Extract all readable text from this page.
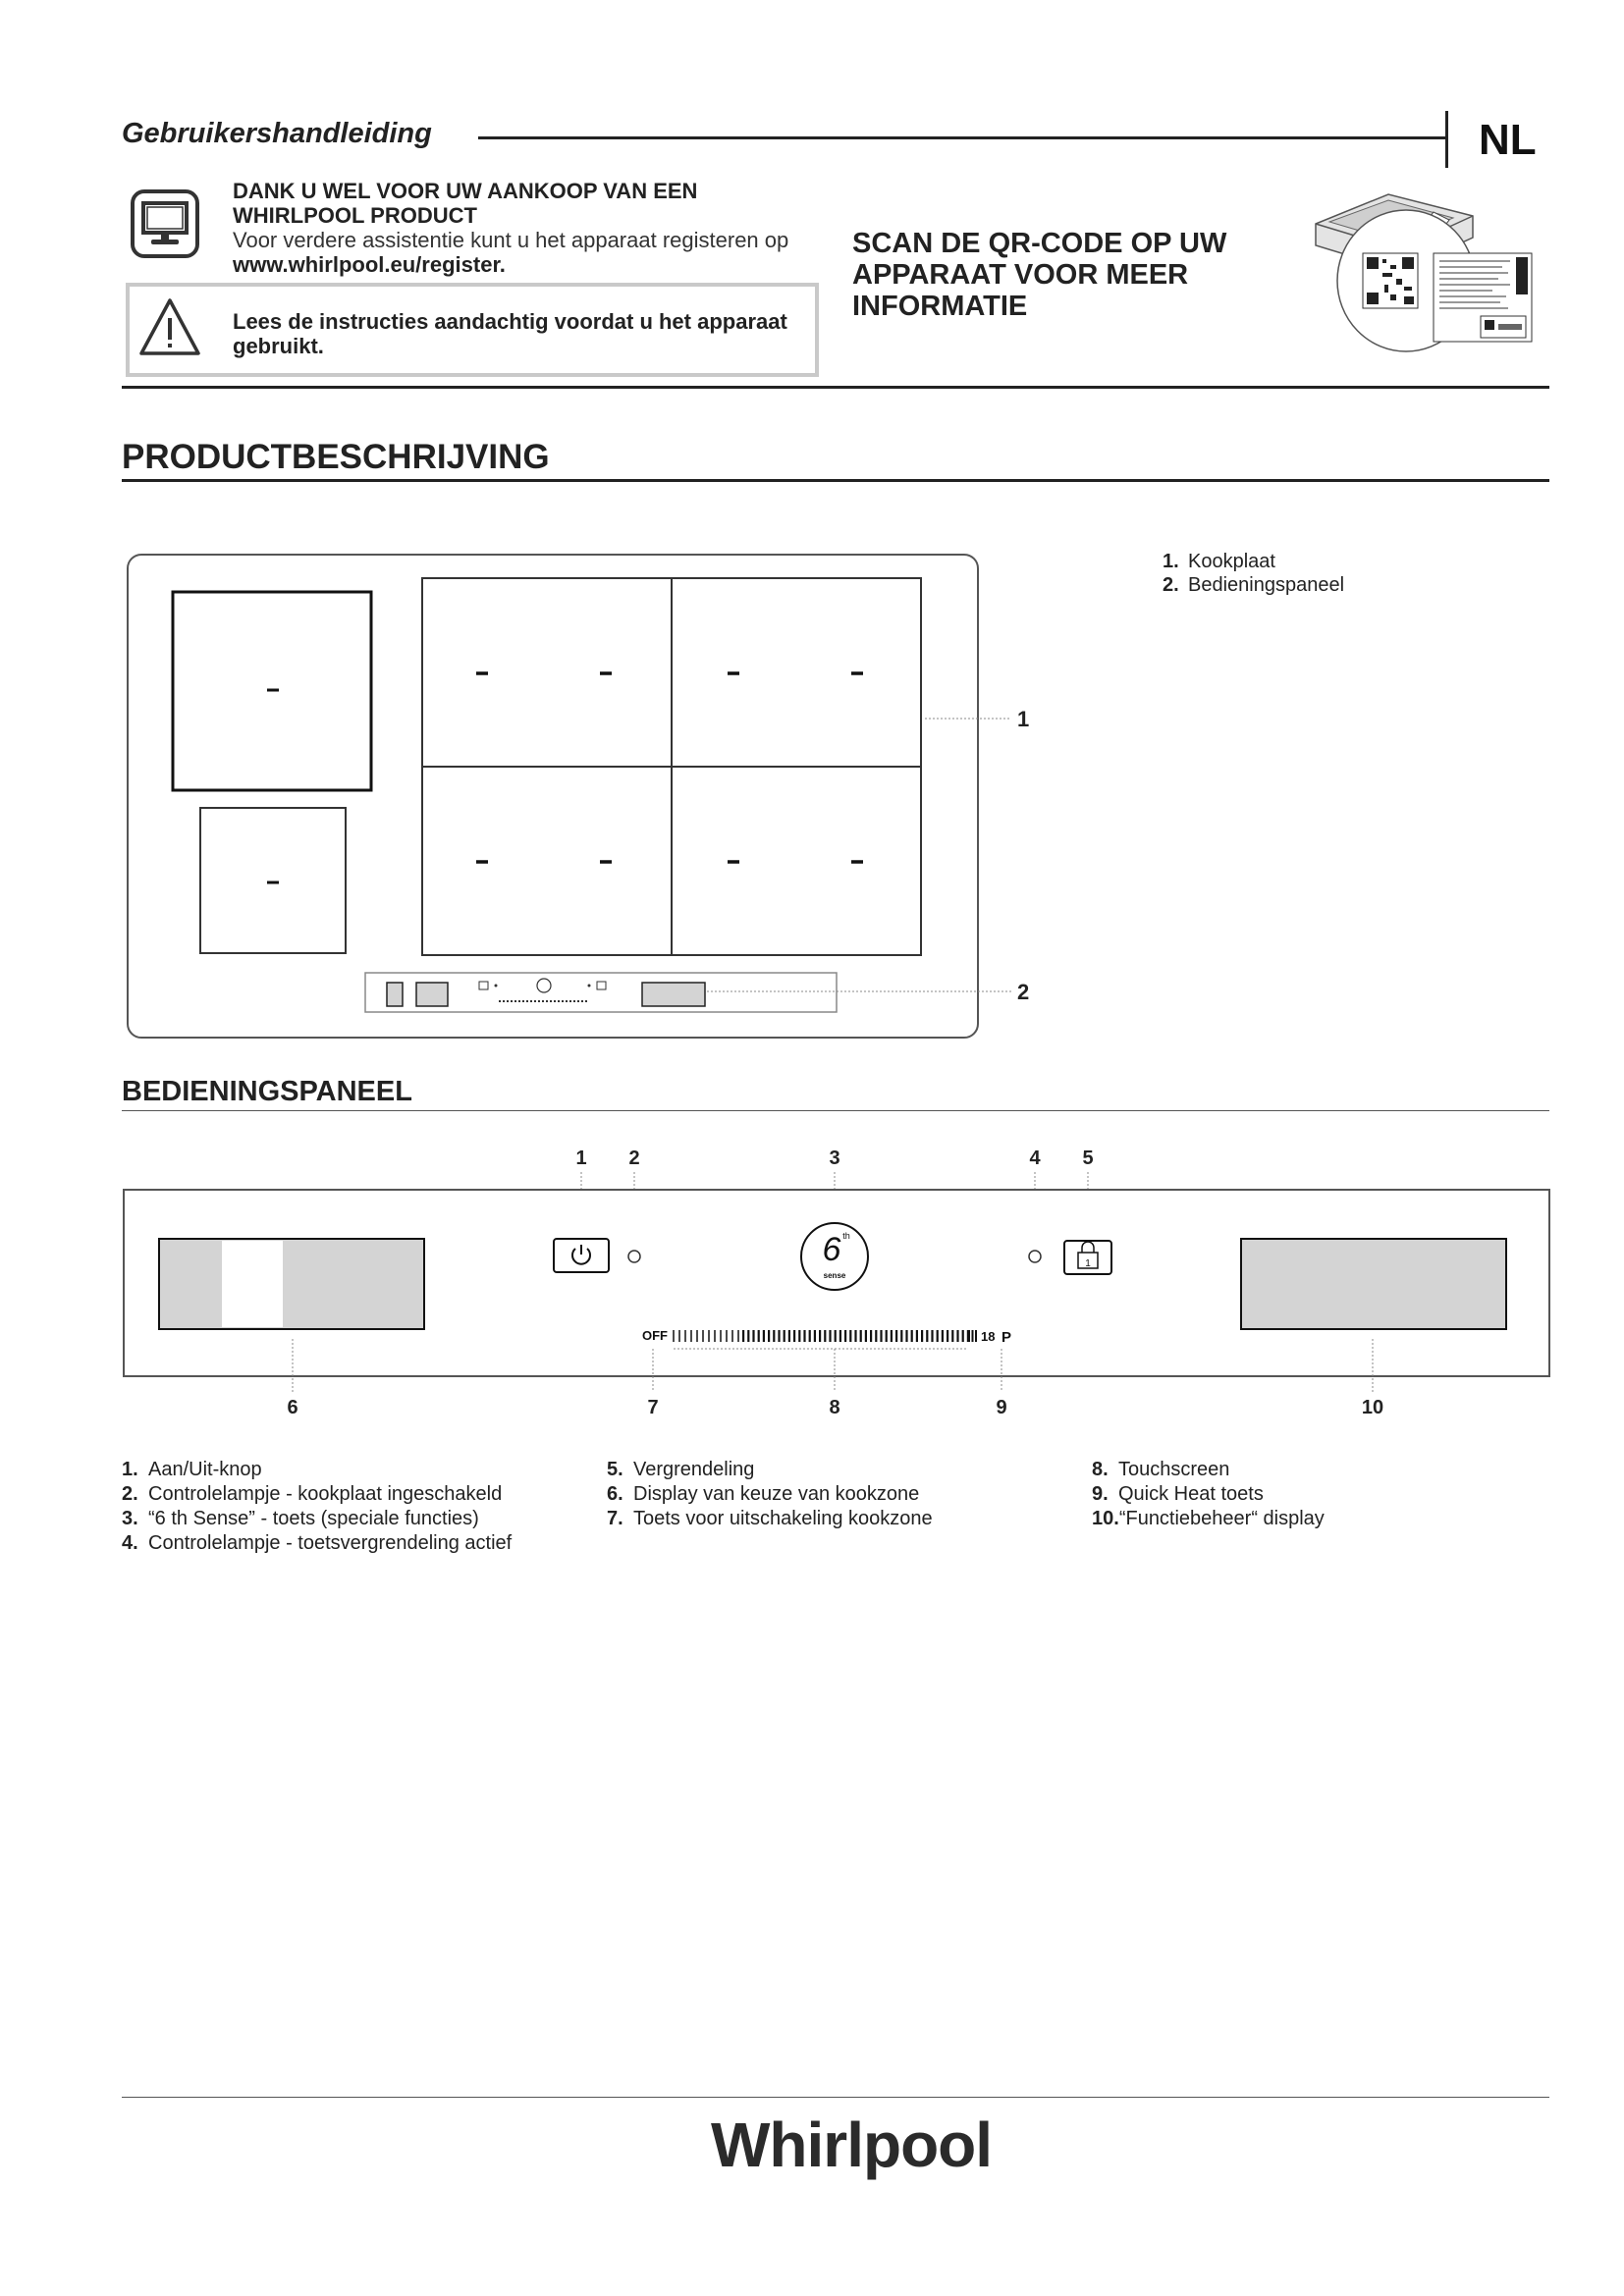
Gebruikershandleiding	NL
DANK U WEL VOOR UW AANKOOP VAN EEN WHIRLPOOL PRODUCT
Voor verdere assistentie kunt u het apparaat registeren op
www.whirlpool.eu/register.
Lees de instructies aandachtig voordat u het apparaat gebruikt.
SCAN DE QR-CODE OP UW APPARAAT VOOR MEER INFORMATIE
PRODUCTBESCHRIJVING
1
2
1. Kookplaat
2. Bedieningspaneel
BEDIENINGSPANEEL
1 2	3	4 5
6 th
sense
1
OFF	18 P
6	7	8	9	10
1. Aan/Uit-knop
2. Controlelampje - kookplaat ingeschakeld
3. “6 th Sense” - toets (speciale functies)
4. Controlelampje - toetsvergrendeling actief
5. Vergrendeling
6. Display van keuze van kookzone
7. Toets voor uitschakeling kookzone
8. Touchscreen
9. Quick Heat toets
10.“Functiebeheer“ display
Whirlpool
